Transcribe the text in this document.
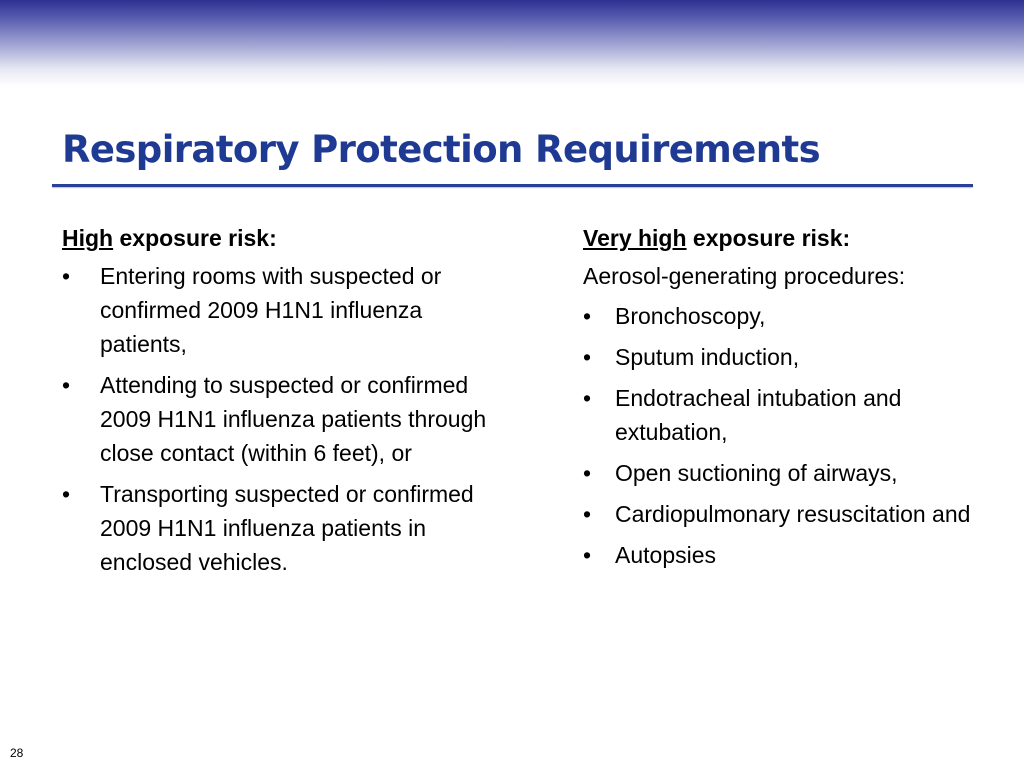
Respiratory Protection Requirements
High exposure risk:
• Entering rooms with suspected or confirmed 2009 H1N1 influenza patients,
• Attending to suspected or confirmed 2009 H1N1 influenza patients through close contact (within 6 feet), or
• Transporting suspected or confirmed 2009 H1N1 influenza patients in enclosed vehicles.
Very high exposure risk:

Aerosol-generating procedures:

• Bronchoscopy,
• Sputum induction,
• Endotracheal intubation and extubation,
• Open suctioning of airways,
• Cardiopulmonary resuscitation and
• Autopsies
28
